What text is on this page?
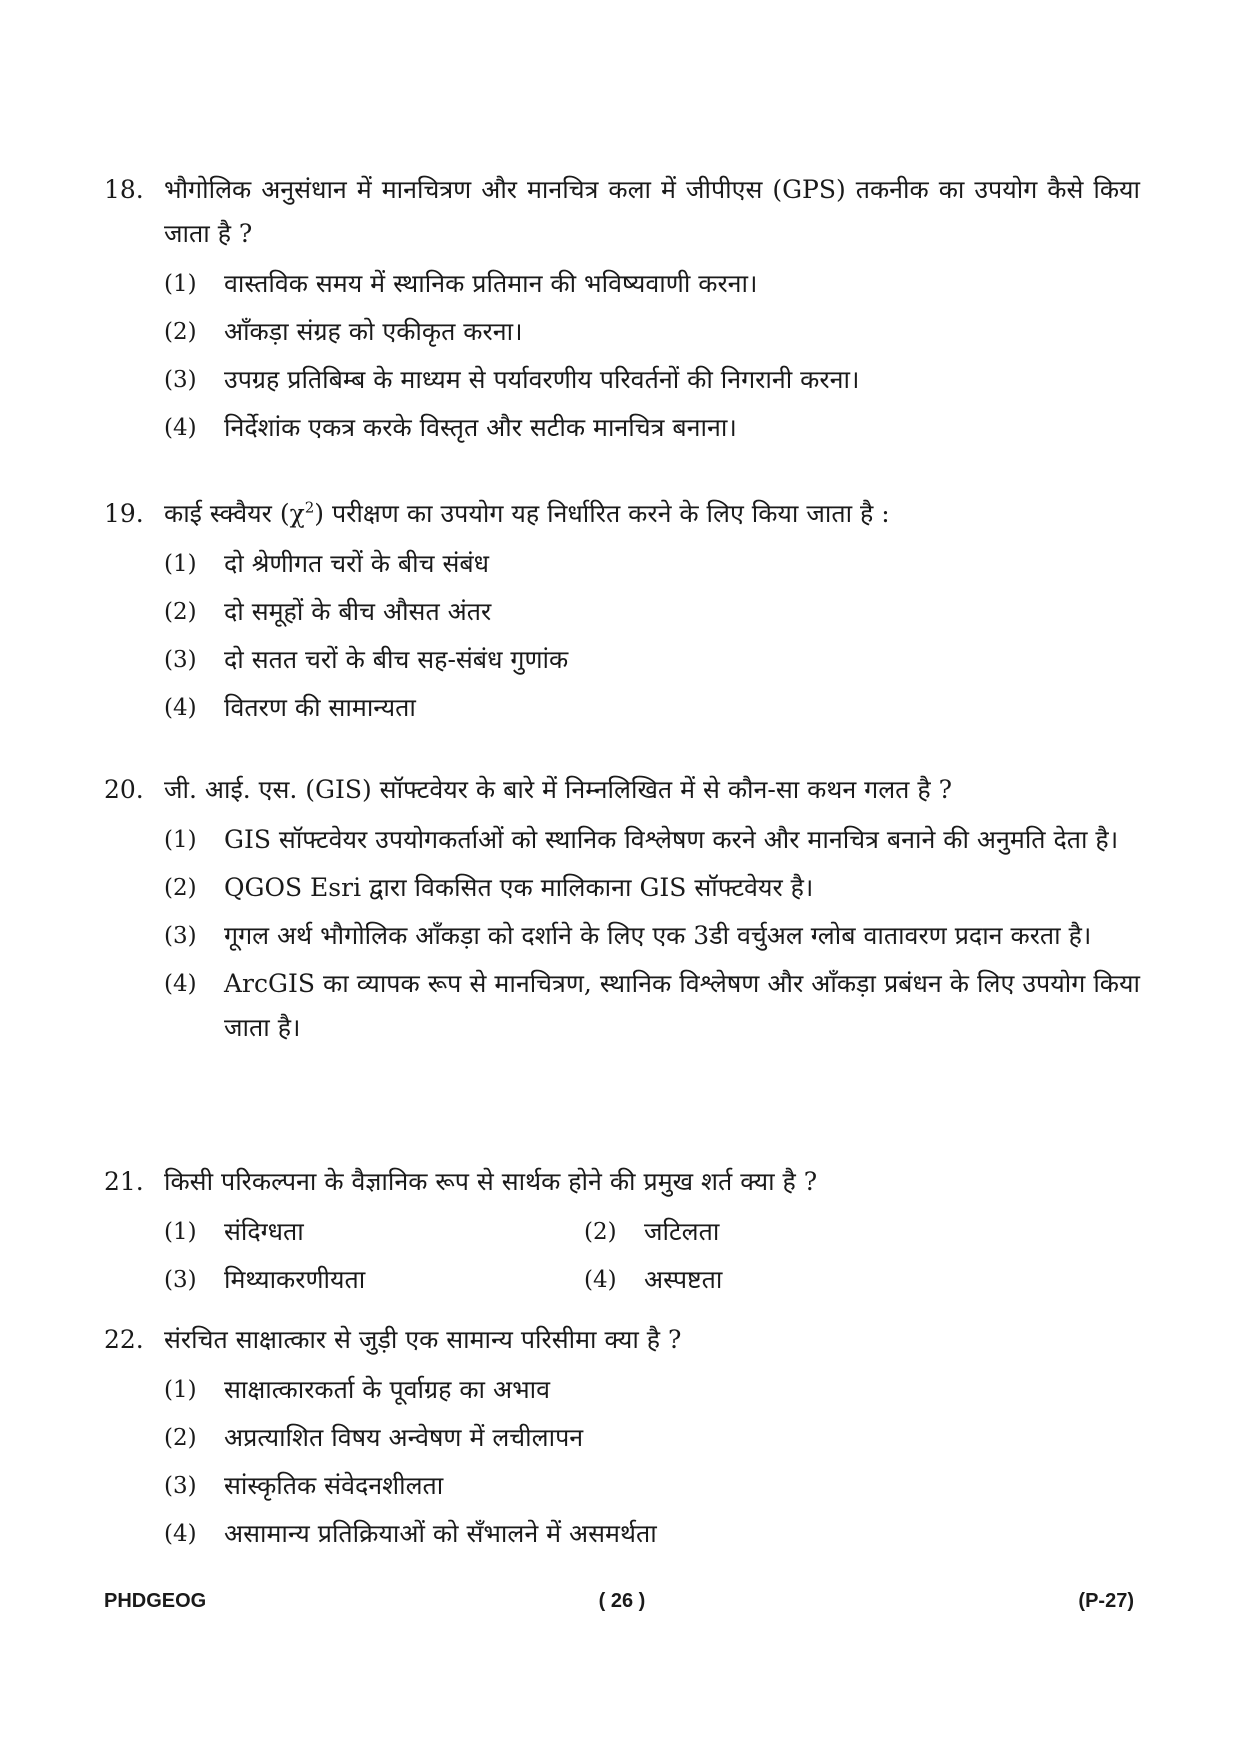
18. भौगोलिक अनुसंधान में मानचित्रण और मानचित्र कला में जीपीएस (GPS) तकनीक का उपयोग कैसे किया जाता है ?
(1)	वास्तविक समय में स्थानिक प्रतिमान की भविष्यवाणी करना।
(2)	आँकड़ा संग्रह को एकीकृत करना।
(3)	उपग्रह प्रतिबिम्ब के माध्यम से पर्यावरणीय परिवर्तनों की निगरानी करना।
(4)	निर्देशांक एकत्र करके विस्तृत और सटीक मानचित्र बनाना।
19. काई स्क्वैयर $(\chi^2)$ परीक्षण का उपयोग यह निर्धारित करने के लिए किया जाता है :
(1)	दो श्रेणीगत चरों के बीच संबंध
(2)	दो समूहों के बीच औसत अंतर
(3)	दो सतत चरों के बीच सह-संबंध गुणांक
(4)	वितरण की सामान्यता
20. जी. आई. एस. (GIS) सॉफ्टवेयर के बारे में निम्नलिखित में से कौन-सा कथन गलत है ?
(1)	GIS सॉफ्टवेयर उपयोगकर्ताओं को स्थानिक विश्लेषण करने और मानचित्र बनाने की अनुमति देता है।
(2)	QGOS Esri द्वारा विकसित एक मालिकाना GIS सॉफ्टवेयर है।
(3)	गूगल अर्थ भौगोलिक आँकड़ा को दर्शाने के लिए एक 3डी वर्चुअल ग्लोब वातावरण प्रदान करता है।
(4)	ArcGIS का व्यापक रूप से मानचित्रण, स्थानिक विश्लेषण और आँकड़ा प्रबंधन के लिए उपयोग किया जाता है।
21. किसी परिकल्पना के वैज्ञानिक रूप से सार्थक होने की प्रमुख शर्त क्या है ?
(1)	संदिग्धता	(2)	जटिलता
(3)	मिथ्याकरणीयता	(4)	अस्पष्टता
22. संरचित साक्षात्कार से जुड़ी एक सामान्य परिसीमा क्या है ?
(1)	साक्षात्कारकर्ता के पूर्वाग्रह का अभाव
(2)	अप्रत्याशित विषय अन्वेषण में लचीलापन
(3)	सांस्कृतिक संवेदनशीलता
(4)	असामान्य प्रतिक्रियाओं को सँभालने में असमर्थता
PHDGEOG	( 26 )	(P-27)
